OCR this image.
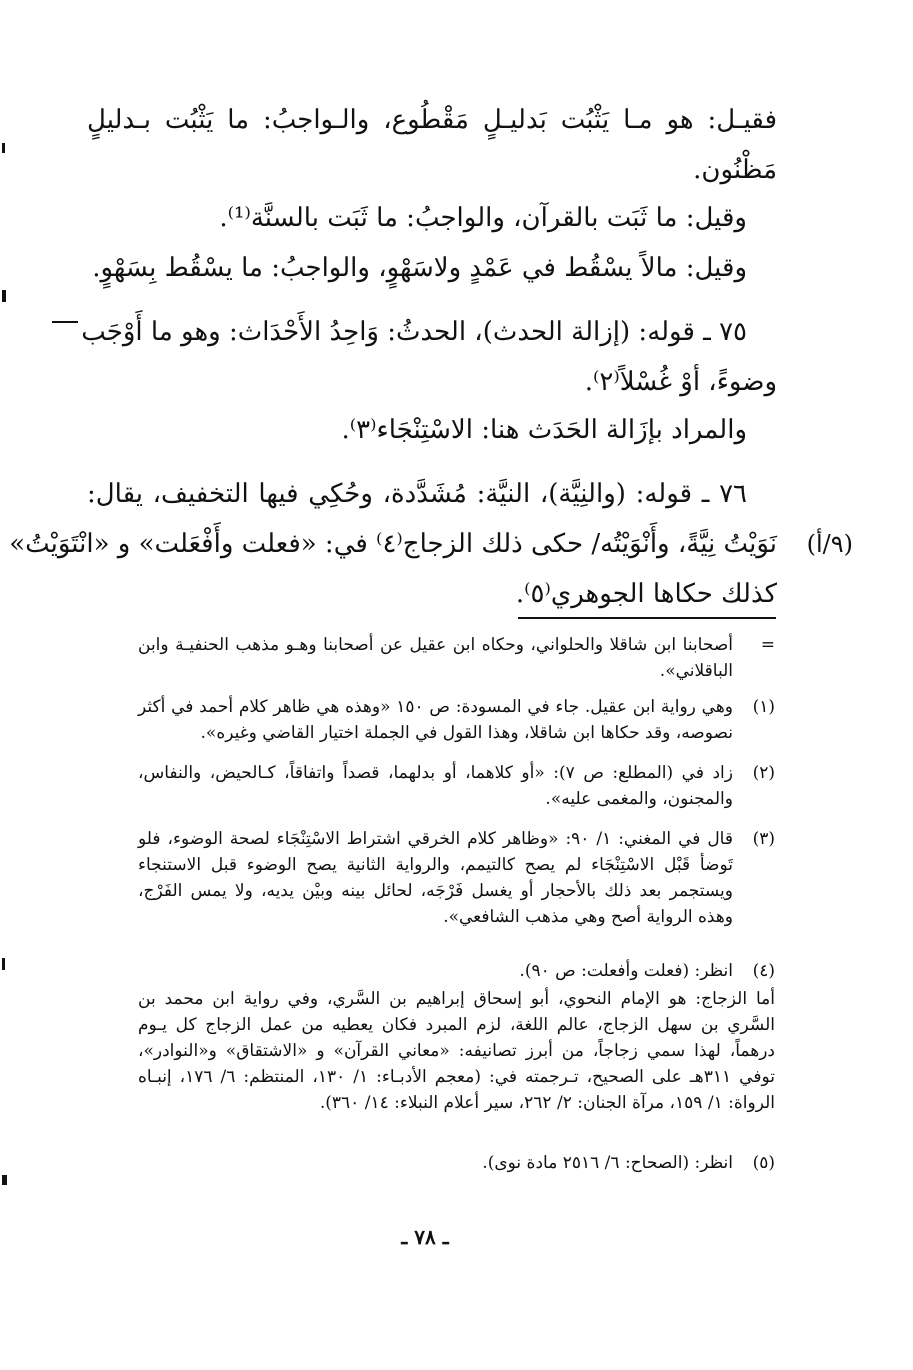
فقيـل: هو مـا يَثْبُت بَدليـلٍ مَقْطُوع، والـواجبُ: ما يَثْبُت بـدليلٍ
مَظْنُون.
وقيل: ما ثَبَت بالقرآن، والواجبُ: ما ثَبَت بالسنَّة⁽¹⁾.
وقيل: مالاً يسْقُط في عَمْدٍ ولاسَهْوٍ، والواجبُ: ما يسْقُط بِسَهْوٍ.
٧٥ ـ قوله: (إزالة الحدث)، الحدثُ: وَاحِدُ الأَحْدَاث: وهو ما أَوْجَب
وضوءً، أوْ غُسْلاً⁽٢⁾.
والمراد بإزَالة الحَدَث هنا: الاسْتِنْجَاء⁽٣⁾.
٧٦ ـ قوله: (والنِيَّة)، النيَّة: مُشَدَّدة، وحُكِي فيها التخفيف، يقال:
نَوَيْتُ نِيَّةً، وأَنْوَيْتُه/ حكى ذلك الزجاج⁽٤⁾ في: «فعلت وأَفْعَلت» و «انْتَوَيْتُ»
كذلك حكاها الجوهري⁽٥⁾.
(٩/أ)
=
أصحابنا ابن شاقلا والحلواني، وحكاه ابن عقيل عن أصحابنا وهـو مذهب الحنفيـة وابن الباقلاني».
(١)
وهي رواية ابن عقيل. جاء في المسودة: ص ١٥٠ «وهذه هي ظاهر كلام أحمد في أكثر نصوصه، وقد حكاها ابن شاقلا، وهذا القول في الجملة اختيار القاضي وغيره».
(٢)
زاد في (المطلع: ص ٧): «أو كلاهما، أو بدلهما، قصداً واتفاقاً، كـالحيض، والنفاس، والمجنون، والمغمى عليه».
(٣)
قال في المغني: ١/ ٩٠: «وظاهر كلام الخرقي اشتراط الاسْتِنْجَاء لصحة الوضوء، فلو تَوضأ قَبْل الاسْتِنْجَاء لم يصح كالتيمم، والرواية الثانية يصح الوضوء قبل الاستنجاء ويستجمر بعد ذلك بالأحجار أو يغسل فَرْجَه، لحائل بينه وبيْن يديه، ولا يمس الفَرْج، وهذه الرواية أصح وهي مذهب الشافعي».
(٤)
انظر: (فعلت وأفعلت: ص ٩٠).
أما الزجاج: هو الإمام النحوي، أبو إسحاق إبراهيم بن السَّري، وفي رواية ابن محمد بن السَّري بن سهل الزجاج، عالم اللغة، لزم المبرد فكان يعطيه من عمل الزجاج كل يـوم درهماً، لهذا سمي زجاجاً، من أبرز تصانيفه: «معاني القرآن» و «الاشتقاق» و«النوادر»، توفي ٣١١هـ على الصحيح، تـرجمته في: (معجم الأدبـاء: ١/ ١٣٠، المنتظم: ٦/ ١٧٦، إنبـاه الرواة: ١/ ١٥٩، مرآة الجنان: ٢/ ٢٦٢، سير أعلام النبلاء: ١٤/ ٣٦٠).
(٥)
انظر: (الصحاح: ٦/ ٢٥١٦ مادة نوى).
ـ ٧٨ ـ
